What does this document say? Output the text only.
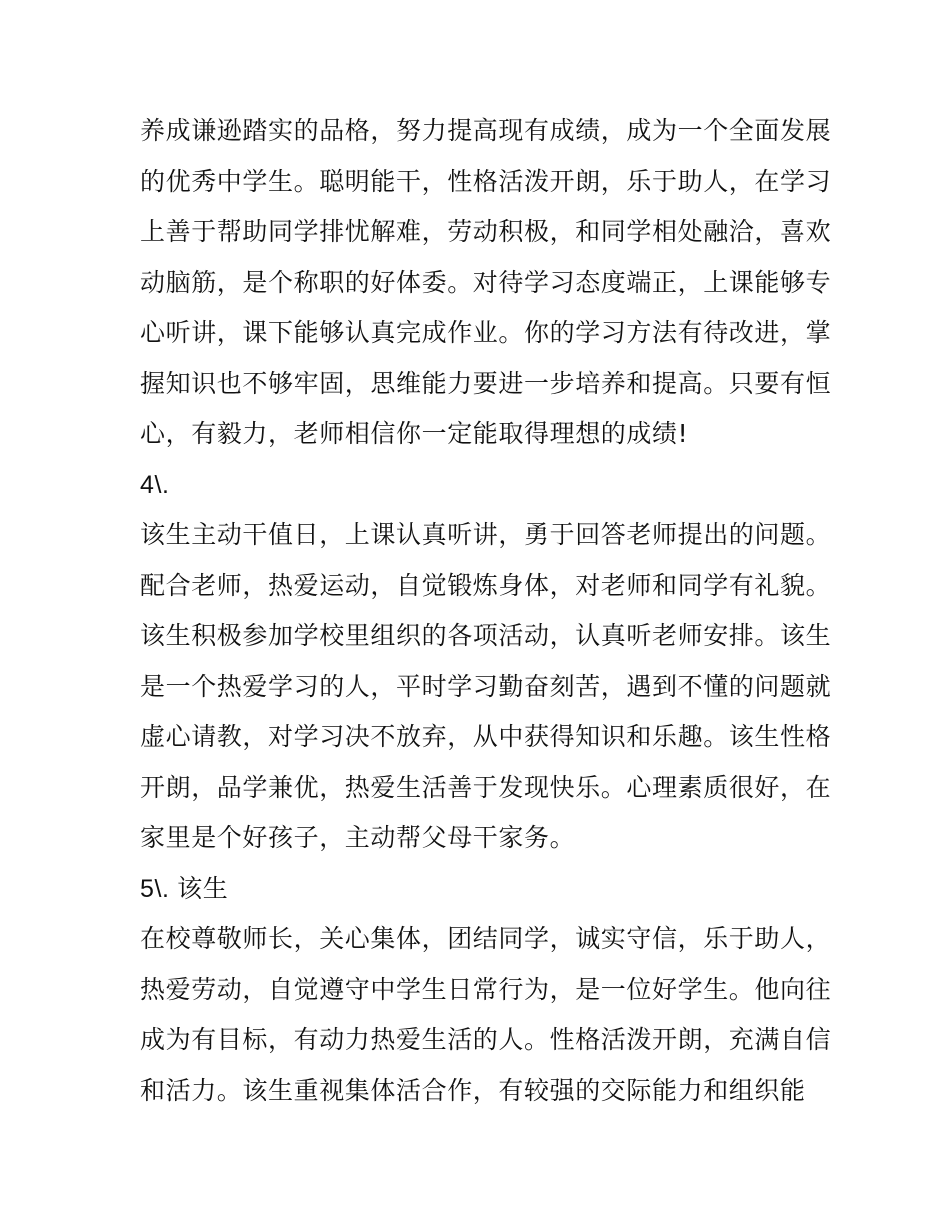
养成谦逊踏实的品格，努力提高现有成绩，成为一个全面发展

的优秀中学生。聪明能干，性格活泼开朗，乐于助人，在学习

上善于帮助同学排忧解难，劳动积极，和同学相处融洽，喜欢

动脑筋，是个称职的好体委。对待学习态度端正，上课能够专

心听讲，课下能够认真完成作业。你的学习方法有待改进，掌

握知识也不够牢固，思维能力要进一步培养和提高。只要有恒

心，有毅力，老师相信你一定能取得理想的成绩!

4\.

该生主动干值日，上课认真听讲，勇于回答老师提出的问题。

配合老师，热爱运动，自觉锻炼身体，对老师和同学有礼貌。

该生积极参加学校里组织的各项活动，认真听老师安排。该生

是一个热爱学习的人，平时学习勤奋刻苦，遇到不懂的问题就

虚心请教，对学习决不放弃，从中获得知识和乐趣。该生性格

开朗，品学兼优，热爱生活善于发现快乐。心理素质很好，在

家里是个好孩子，主动帮父母干家务。

5\. 该生

在校尊敬师长，关心集体，团结同学，诚实守信，乐于助人，

热爱劳动，自觉遵守中学生日常行为，是一位好学生。他向往

成为有目标，有动力热爱生活的人。性格活泼开朗，充满自信

和活力。该生重视集体活合作，有较强的交际能力和组织能
